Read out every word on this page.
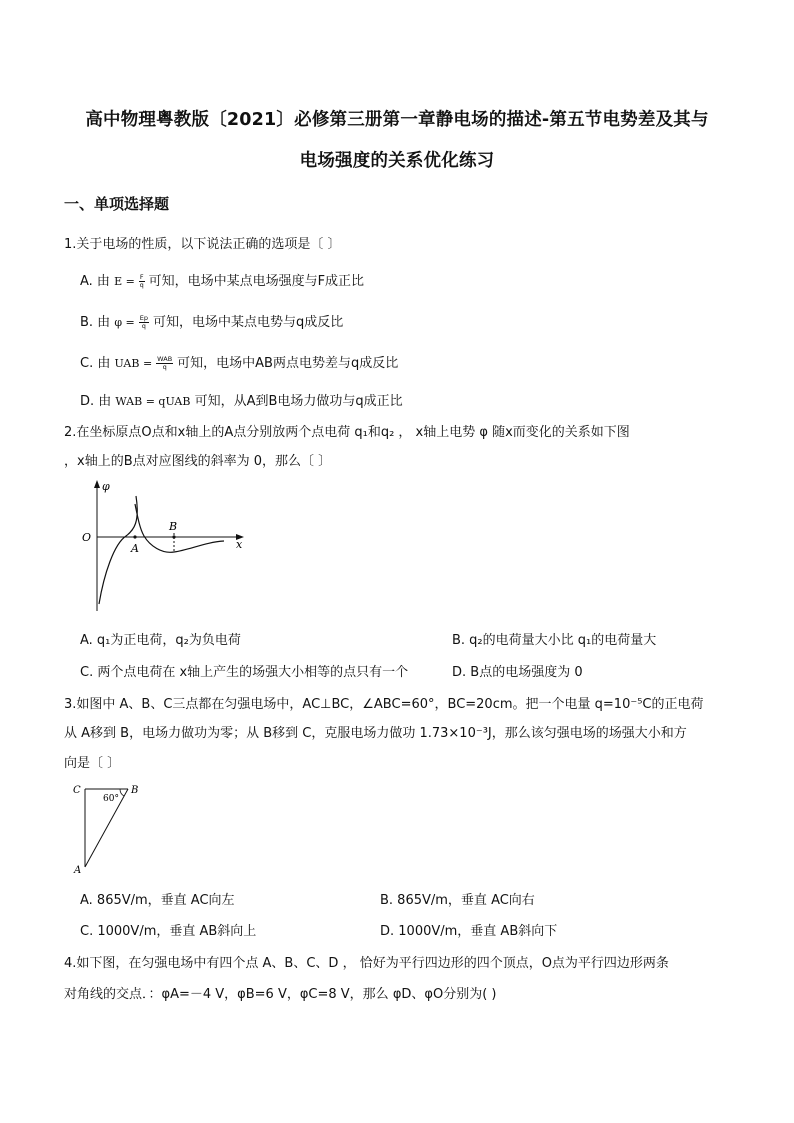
高中物理粤教版〔2021〕必修第三册第一章静电场的描述-第五节电势差及其与
电场强度的关系优化练习
一、单项选择题
1.关于电场的性质，以下说法正确的选项是〔 〕
A. 由 $E = \frac{F}{q}$ 可知，电场中某点电场强度与F成正比
B. 由 $\varphi = \frac{Ep}{q}$ 可知，电场中某点电势与q成反比
C. 由 UAB = $\frac{\text{WAB}}{q}$ 可知，电场中AB两点电势差与q成反比
D. 由 WAB = qUAB 可知，从A到B电场力做功与q成正比
2.在坐标原点O点和x轴上的A点分别放两个点电荷 q₁和q₂ ， x轴上电势 φ 随x而变化的关系如下图
，x轴上的B点对应图线的斜率为 0，那么〔 〕
φ
x
O
A
B
A. q₁为正电荷，q₂为负电荷	B. q₂的电荷量大小比 q₁的电荷量大
C. 两个点电荷在 x轴上产生的场强大小相等的点只有一个	D. B点的电场强度为 0
3.如图中 A、B、C三点都在匀强电场中，AC⊥BC，∠ABC=60°，BC=20cm。把一个电量 q=10⁻⁵C的正电荷
从 A移到 B，电场力做功为零；从 B移到 C，克服电场力做功 1.73×10⁻³J，那么该匀强电场的场强大小和方
向是〔 〕
C	B
A
60°
A. 865V/m，垂直 AC向左	B. 865V/m，垂直 AC向右
C. 1000V/m，垂直 AB斜向上	D. 1000V/m，垂直 AB斜向下
4.如下图，在匀强电场中有四个点 A、B、C、D ， 恰好为平行四边形的四个顶点，O点为平行四边形两条
对角线的交点．：φA=－4 V，φB=6 V，φC=8 V，那么 φD、φO分别为( )
